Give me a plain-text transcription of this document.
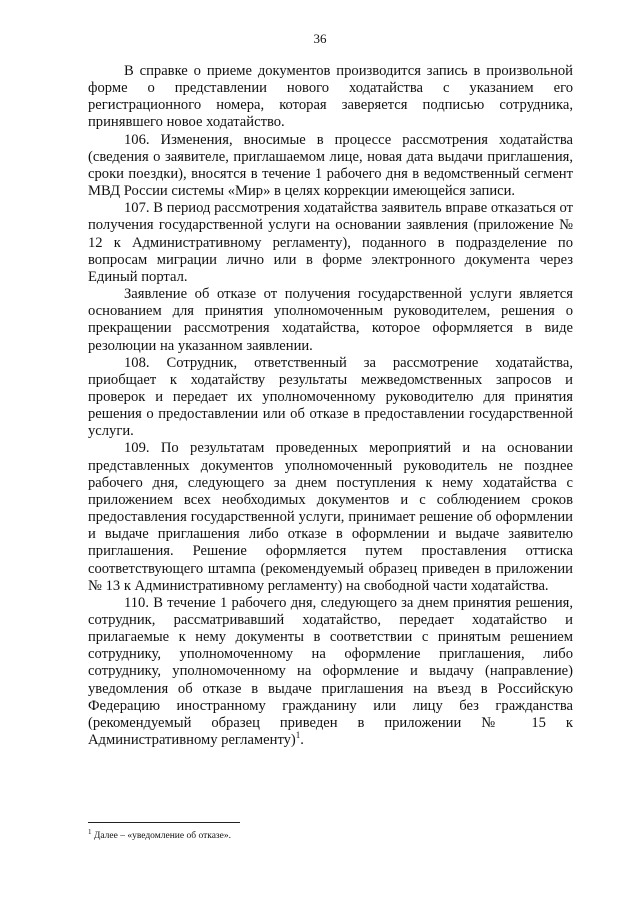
36

В справке о приеме документов производится запись в произвольной форме о представлении нового ходатайства с указанием его регистрационного номера, которая заверяется подписью сотрудника, принявшего новое ходатайство.

106. Изменения, вносимые в процессе рассмотрения ходатайства (сведения о заявителе, приглашаемом лице, новая дата выдачи приглашения, сроки поездки), вносятся в течение 1 рабочего дня в ведомственный сегмент МВД России системы «Мир» в целях коррекции имеющейся записи.

107. В период рассмотрения ходатайства заявитель вправе отказаться от получения государственной услуги на основании заявления (приложение № 12 к Административному регламенту), поданного в подразделение по вопросам миграции лично или в форме электронного документа через Единый портал.

Заявление об отказе от получения государственной услуги является основанием для принятия уполномоченным руководителем, решения о прекращении рассмотрения ходатайства, которое оформляется в виде резолюции на указанном заявлении.

108. Сотрудник, ответственный за рассмотрение ходатайства, приобщает к ходатайству результаты межведомственных запросов и проверок и передает их уполномоченному руководителю для принятия решения о предоставлении или об отказе в предоставлении государственной услуги.

109. По результатам проведенных мероприятий и на основании представленных документов уполномоченный руководитель не позднее рабочего дня, следующего за днем поступления к нему ходатайства с приложением всех необходимых документов и с соблюдением сроков предоставления государственной услуги, принимает решение об оформлении и выдаче приглашения либо отказе в оформлении и выдаче заявителю приглашения. Решение оформляется путем проставления оттиска соответствующего штампа (рекомендуемый образец приведен в приложении № 13 к Административному регламенту) на свободной части ходатайства.

110. В течение 1 рабочего дня, следующего за днем принятия решения, сотрудник, рассматривавший ходатайство, передает ходатайство и прилагаемые к нему документы в соответствии с принятым решением сотруднику, уполномоченному на оформление приглашения, либо сотруднику, уполномоченному на оформление и выдачу (направление) уведомления об отказе в выдаче приглашения на въезд в Российскую Федерацию иностранному гражданину или лицу без гражданства (рекомендуемый образец приведен в приложении № 15 к Административному регламенту)$^1$.

$^1$ Далее – «уведомление об отказе».
